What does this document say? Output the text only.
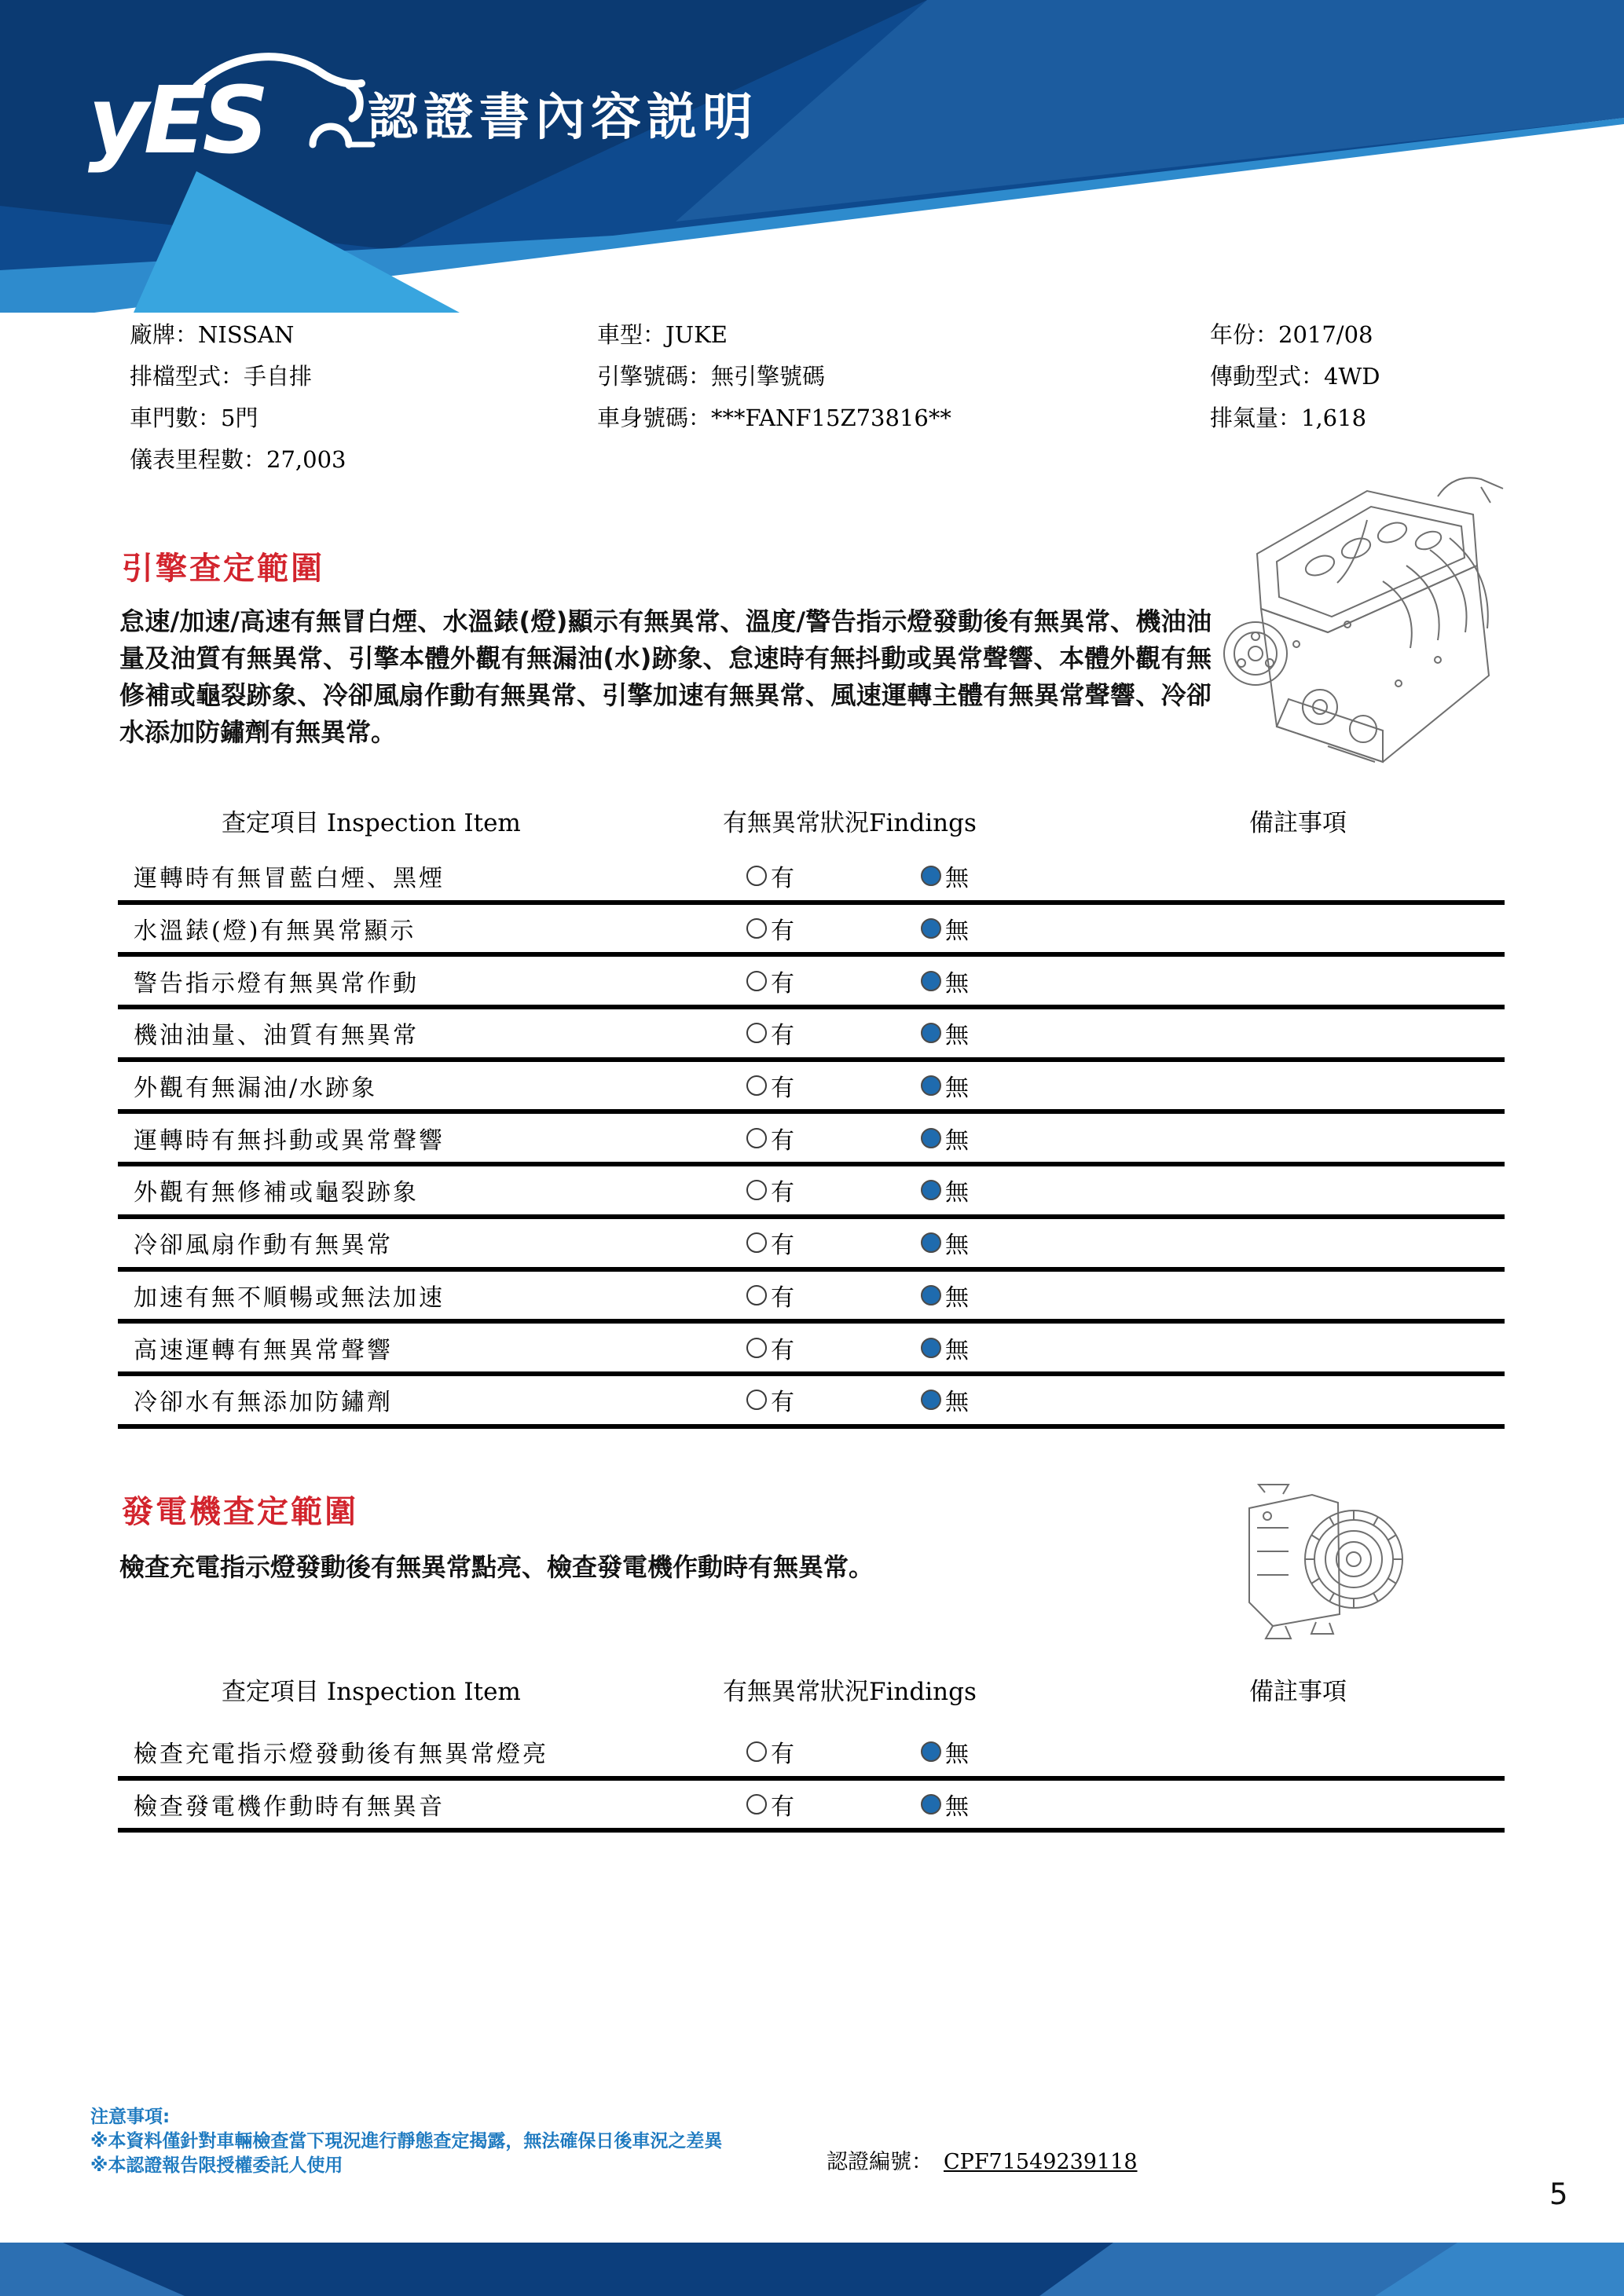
yES 認證書內容説明
廠牌：NISSAN
排檔型式：手自排
車門數：5門
儀表里程數：27,003
車型：JUKE
引擎號碼：無引擎號碼
車身號碼：***FANF15Z73816**
年份：2017/08
傳動型式：4WD
排氣量：1,618
引擎查定範圍
怠速/加速/高速有無冒白煙、水溫錶(燈)顯示有無異常、溫度/警告指示燈發動後有無異常、機油油量及油質有無異常、引擎本體外觀有無漏油(水)跡象、怠速時有無抖動或異常聲響、本體外觀有無修補或龜裂跡象、冷卻風扇作動有無異常、引擎加速有無異常、風速運轉主體有無異常聲響、冷卻水添加防鏽劑有無異常。
查定項目 Inspection Item	有無異常狀況Findings	備註事項
運轉時有無冒藍白煙、黑煙	有	無
水溫錶(燈)有無異常顯示	有	無
警告指示燈有無異常作動	有	無
機油油量、油質有無異常	有	無
外觀有無漏油/水跡象	有	無
運轉時有無抖動或異常聲響	有	無
外觀有無修補或龜裂跡象	有	無
冷卻風扇作動有無異常	有	無
加速有無不順暢或無法加速	有	無
高速運轉有無異常聲響	有	無
冷卻水有無添加防鏽劑	有	無
發電機查定範圍
檢查充電指示燈發動後有無異常點亮、檢查發電機作動時有無異常。
查定項目 Inspection Item	有無異常狀況Findings	備註事項
檢查充電指示燈發動後有無異常燈亮	有	無
檢查發電機作動時有無異音	有	無
注意事項:
※本資料僅針對車輛檢查當下現況進行靜態查定揭露，無法確保日後車況之差異
※本認證報告限授權委託人使用	認證編號： CPF71549239118
5
